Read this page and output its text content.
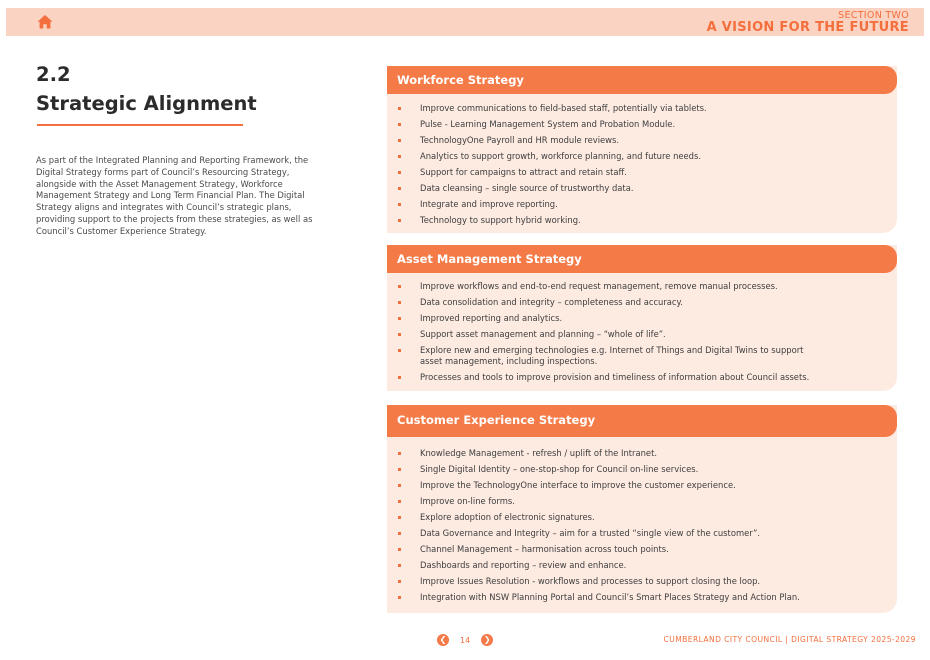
SECTION TWO
A VISION FOR THE FUTURE
2.2
Strategic Alignment

As part of the Integrated Planning and Reporting Framework, the Digital Strategy forms part of Council’s Resourcing Strategy, alongside with the Asset Management Strategy, Workforce Management Strategy and Long Term Financial Plan. The Digital Strategy aligns and integrates with Council’s strategic plans, providing support to the projects from these strategies, as well as Council’s Customer Experience Strategy.

Workforce Strategy
Improve communications to field-based staff, potentially via tablets.
Pulse - Learning Management System and Probation Module.
TechnologyOne Payroll and HR module reviews.
Analytics to support growth, workforce planning, and future needs.
Support for campaigns to attract and retain staff.
Data cleansing – single source of trustworthy data.
Integrate and improve reporting.
Technology to support hybrid working.
Asset Management Strategy
Improve workflows and end-to-end request management, remove manual processes.
Data consolidation and integrity – completeness and accuracy.
Improved reporting and analytics.
Support asset management and planning – “whole of life”.
Explore new and emerging technologies e.g. Internet of Things and Digital Twins to support asset management, including inspections.
Processes and tools to improve provision and timeliness of information about Council assets.
Customer Experience Strategy
Knowledge Management - refresh / uplift of the Intranet.
Single Digital Identity – one-stop-shop for Council on-line services.
Improve the TechnologyOne interface to improve the customer experience.
Improve on-line forms.
Explore adoption of electronic signatures.
Data Governance and Integrity – aim for a trusted “single view of the customer”.
Channel Management – harmonisation across touch points.
Dashboards and reporting – review and enhance.
Improve Issues Resolution - workflows and processes to support closing the loop.
Integration with NSW Planning Portal and Council’s Smart Places Strategy and Action Plan.
❮	14	❯	CUMBERLAND CITY COUNCIL | DIGITAL STRATEGY 2025-2029
